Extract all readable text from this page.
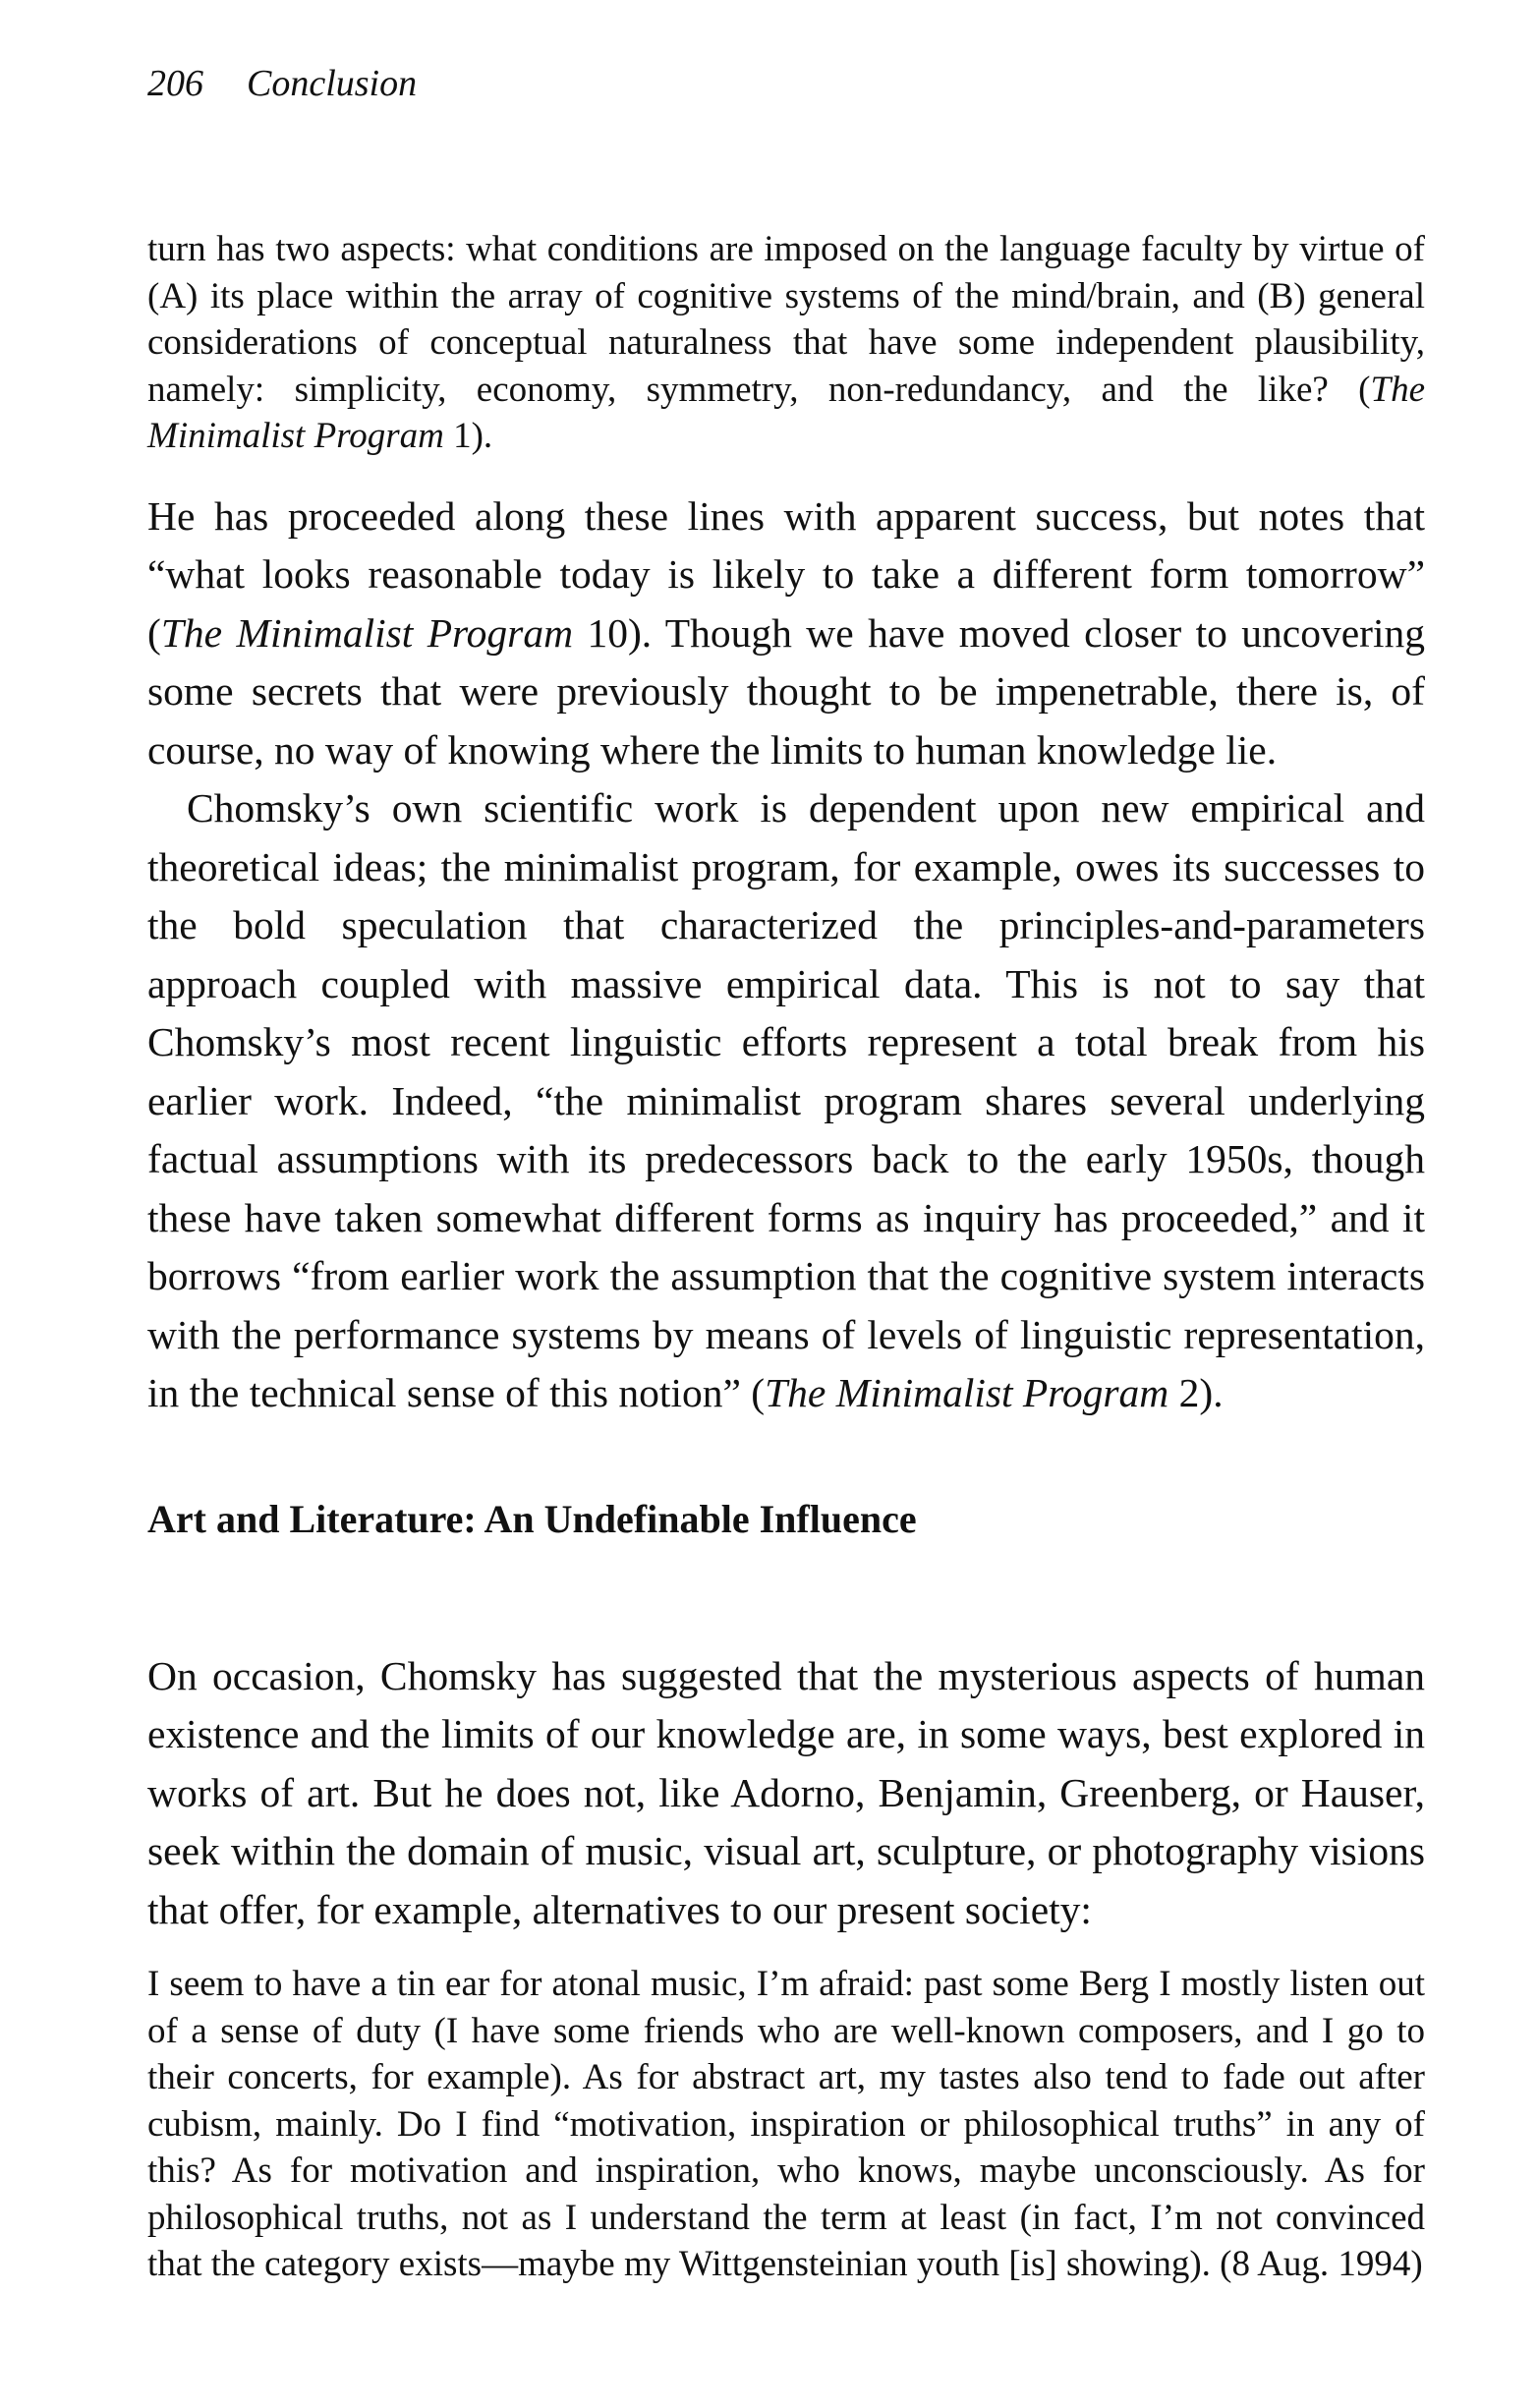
206 Conclusion

turn has two aspects: what conditions are imposed on the language faculty by virtue of (A) its place within the array of cognitive systems of the mind/brain, and (B) general considerations of conceptual naturalness that have some independent plausibility, namely: simplicity, economy, symmetry, non-redundancy, and the like? (The Minimalist Program 1).

He has proceeded along these lines with apparent success, but notes that “what looks reasonable today is likely to take a different form tomorrow” (The Minimalist Program 10). Though we have moved closer to uncovering some secrets that were previously thought to be impenetrable, there is, of course, no way of knowing where the limits to human knowledge lie.

Chomsky’s own scientific work is dependent upon new empirical and theoretical ideas; the minimalist program, for example, owes its successes to the bold speculation that characterized the principles-and-parameters approach coupled with massive empirical data. This is not to say that Chomsky’s most recent linguistic efforts represent a total break from his earlier work. Indeed, “the minimalist program shares several underlying factual assumptions with its predecessors back to the early 1950s, though these have taken somewhat different forms as inquiry has proceeded,” and it borrows “from earlier work the assumption that the cognitive system interacts with the performance systems by means of levels of linguistic representation, in the technical sense of this notion” (The Minimalist Program 2).

Art and Literature: An Undefinable Influence

On occasion, Chomsky has suggested that the mysterious aspects of human existence and the limits of our knowledge are, in some ways, best explored in works of art. But he does not, like Adorno, Benjamin, Greenberg, or Hauser, seek within the domain of music, visual art, sculpture, or photography visions that offer, for example, alternatives to our present society:

I seem to have a tin ear for atonal music, I’m afraid: past some Berg I mostly listen out of a sense of duty (I have some friends who are well-known composers, and I go to their concerts, for example). As for abstract art, my tastes also tend to fade out after cubism, mainly. Do I find “motivation, inspiration or philosophical truths” in any of this? As for motivation and inspiration, who knows, maybe unconsciously. As for philosophical truths, not as I understand the term at least (in fact, I’m not convinced that the category exists—maybe my Wittgensteinian youth [is] showing). (8 Aug. 1994)
